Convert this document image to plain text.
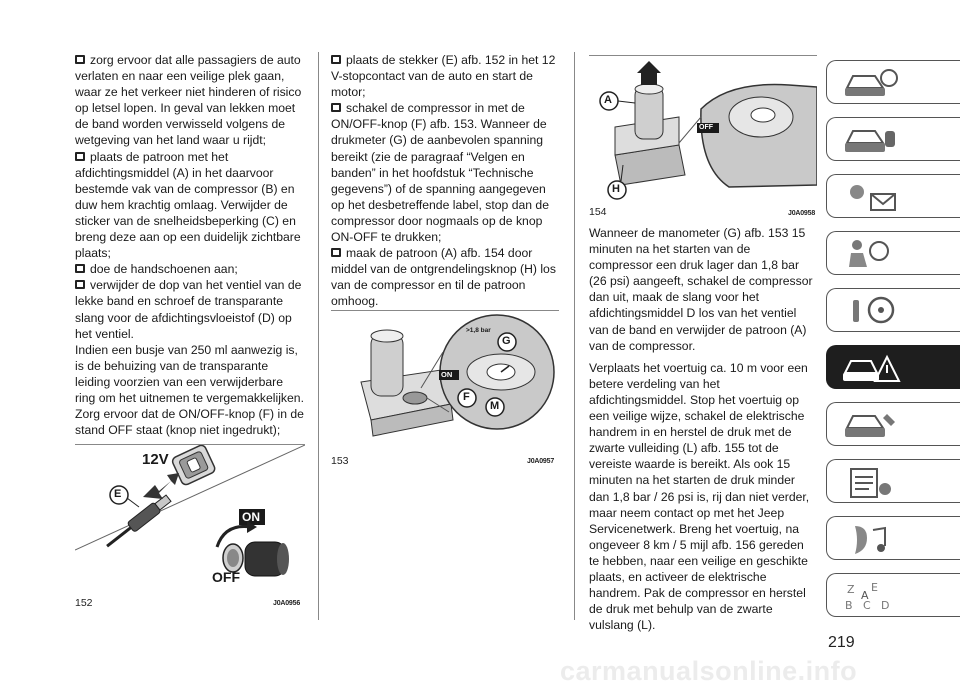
zorg ervoor dat alle passagiers de auto verlaten en naar een veilige plek gaan, waar ze het verkeer niet hinderen of risico op letsel lopen. In geval van lekken moet de band worden verwisseld volgens de wetgeving van het land waar u rijdt;

plaats de patroon met het afdichtingsmiddel (A) in het daarvoor bestemde vak van de compressor (B) en duw hem krachtig omlaag. Verwijder de sticker van de snelheidsbeperking (C) en breng deze aan op een duidelijk zichtbare plaats;

doe de handschoenen aan;

verwijder de dop van het ventiel van de lekke band en schroef de transparante slang voor de afdichtingsvloeistof (D) op het ventiel.

Indien een busje van 250 ml aanwezig is, is de behuizing van de transparante leiding voorzien van een verwijderbare ring om het uitnemen te vergemakkelijken. Zorg ervoor dat de ON/OFF-knop (F) in de stand OFF staat (knop niet ingedrukt);

plaats de stekker (E) afb. 152 in het 12 V-stopcontact van de auto en start de motor;

schakel de compressor in met de ON/OFF-knop (F) afb. 153. Wanneer de drukmeter (G) de aanbevolen spanning bereikt (zie de paragraaf “Velgen en banden” in het hoofdstuk “Technische gegevens”) of de spanning aangegeven op het desbetreffende label, stop dan de compressor door nogmaals op de knop ON-OFF te drukken;

maak de patroon (A) afb. 154 door middel van de ontgrendelingsknop (H) los van de compressor en til de patroon omhoog.

Wanneer de manometer (G) afb. 153 15 minuten na het starten van de compressor een druk lager dan 1,8 bar (26 psi) aangeeft, schakel de compressor dan uit, maak de slang voor het afdichtingsmiddel D los van het ventiel van de band en verwijder de patroon (A) van de compressor.

Verplaats het voertuig ca. 10 m voor een betere verdeling van het afdichtingsmiddel. Stop het voertuig op een veilige wijze, schakel de elektrische handrem in en herstel de druk met de zwarte vulleiding (L) afb. 155 tot de vereiste waarde is bereikt. Als ook 15 minuten na het starten de druk minder dan 1,8 bar / 26 psi is, rij dan niet verder, maar neem contact op met het Jeep Servicenetwerk. Breng het voertuig, na ongeveer 8 km / 5 mijl afb. 156 gereden te hebben, naar een veilige en geschikte plaats, en activeer de elektrische handrem. Pak de compressor en herstel de druk met behulp van de zwarte vulslang (L).

12V
E
ON
OFF
152	J0A0956
>1,8 bar
G
ON
F
M
153	J0A0957
A
OFF
H
154	J0A0958
Z E
B C D
A
219
carmanualsonline.info
